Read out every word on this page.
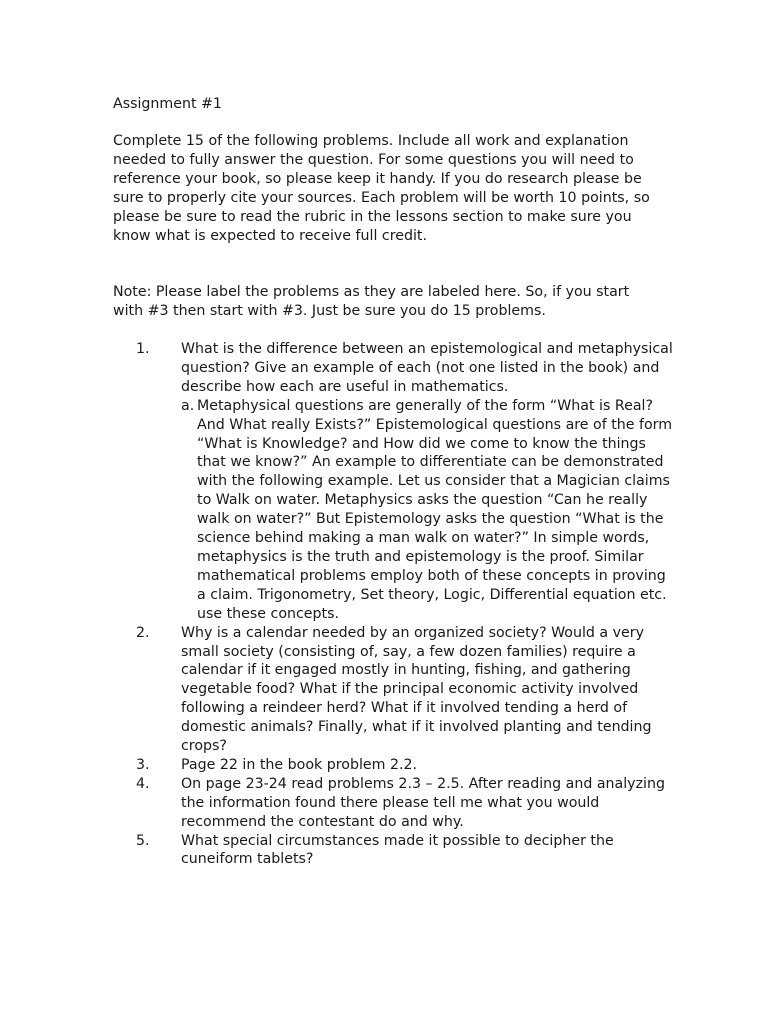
Assignment #1
Complete 15 of the following problems. Include all work and explanation needed to fully answer the question. For some questions you will need to reference your book, so please keep it handy. If you do research please be sure to properly cite your sources. Each problem will be worth 10 points, so please be sure to read the rubric in the lessons section to make sure you know what is expected to receive full credit.
Note: Please label the problems as they are labeled here. So, if you start with #3 then start with #3. Just be sure you do 15 problems.
1. What is the difference between an epistemological and metaphysical question? Give an example of each (not one listed in the book) and describe how each are useful in mathematics.
a. Metaphysical questions are generally of the form “What is Real? And What really Exists?” Epistemological questions are of the form “What is Knowledge? and How did we come to know the things that we know?” An example to differentiate can be demonstrated with the following example. Let us consider that a Magician claims to Walk on water. Metaphysics asks the question “Can he really walk on water?” But Epistemology asks the question “What is the science behind making a man walk on water?” In simple words, metaphysics is the truth and epistemology is the proof. Similar mathematical problems employ both of these concepts in proving a claim. Trigonometry, Set theory, Logic, Differential equation etc. use these concepts.
2. Why is a calendar needed by an organized society? Would a very small society (consisting of, say, a few dozen families) require a calendar if it engaged mostly in hunting, fishing, and gathering vegetable food? What if the principal economic activity involved following a reindeer herd? What if it involved tending a herd of domestic animals? Finally, what if it involved planting and tending crops?
3. Page 22 in the book problem 2.2.
4. On page 23-24 read problems 2.3 – 2.5. After reading and analyzing the information found there please tell me what you would recommend the contestant do and why.
5. What special circumstances made it possible to decipher the cuneiform tablets?
